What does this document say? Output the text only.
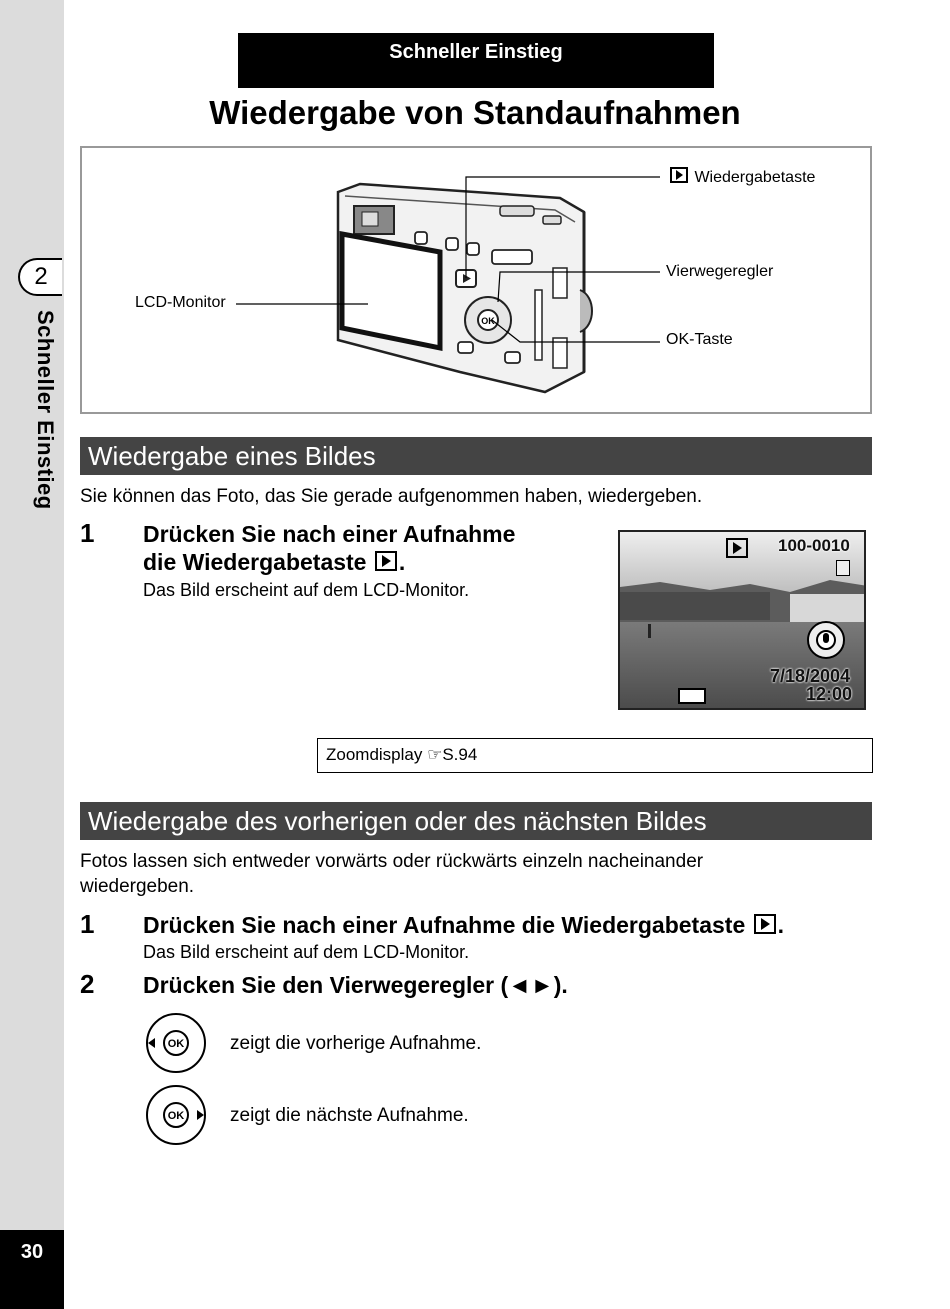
2
Schneller Einstieg
30
Schneller Einstieg
Wiedergabe von Standaufnahmen
OK
Wiedergabetaste
Vierwegeregler
OK-Taste
LCD-Monitor
Wiedergabe eines Bildes
Sie können das Foto, das Sie gerade aufgenommen haben, wiedergeben.
1 Drücken Sie nach einer Aufnahme
die Wiedergabetaste .
Das Bild erscheint auf dem LCD-Monitor.
100-0010
7/18/2004
12:00
Zoomdisplay ☞S.94
Wiedergabe des vorherigen oder des nächsten Bildes
Fotos lassen sich entweder vorwärts oder rückwärts einzeln nacheinander
wiedergeben.
1 Drücken Sie nach einer Aufnahme die Wiedergabetaste .
Das Bild erscheint auf dem LCD-Monitor.
2 Drücken Sie den Vierwegeregler (◄►).
OK zeigt die vorherige Aufnahme.
OK zeigt die nächste Aufnahme.
